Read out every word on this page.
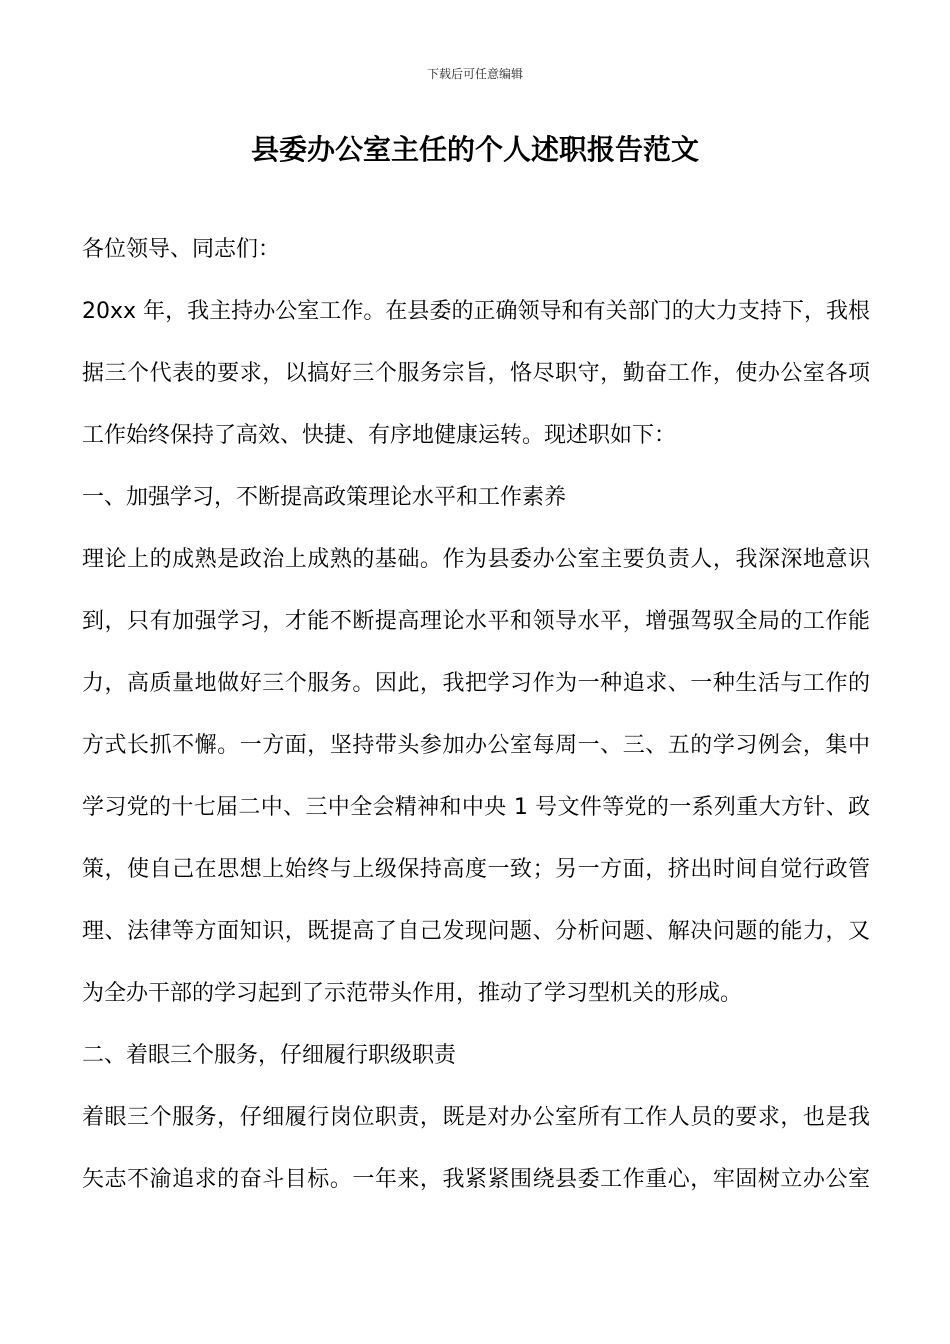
下载后可任意编辑
县委办公室主任的个人述职报告范文
各位领导、同志们：
20xx 年，我主持办公室工作。在县委的正确领导和有关部门的大力支持下，我根
据三个代表的要求，以搞好三个服务宗旨，恪尽职守，勤奋工作，使办公室各项
工作始终保持了高效、快捷、有序地健康运转。现述职如下：
一、加强学习，不断提高政策理论水平和工作素养
理论上的成熟是政治上成熟的基础。作为县委办公室主要负责人，我深深地意识
到，只有加强学习，才能不断提高理论水平和领导水平，增强驾驭全局的工作能
力，高质量地做好三个服务。因此，我把学习作为一种追求、一种生活与工作的
方式长抓不懈。一方面，坚持带头参加办公室每周一、三、五的学习例会，集中
学习党的十七届二中、三中全会精神和中央 1 号文件等党的一系列重大方针、政
策，使自己在思想上始终与上级保持高度一致；另一方面，挤出时间自觉行政管
理、法律等方面知识，既提高了自己发现问题、分析问题、解决问题的能力，又
为全办干部的学习起到了示范带头作用，推动了学习型机关的形成。
二、着眼三个服务，仔细履行职级职责
着眼三个服务，仔细履行岗位职责，既是对办公室所有工作人员的要求，也是我
矢志不渝追求的奋斗目标。一年来，我紧紧围绕县委工作重心，牢固树立办公室
